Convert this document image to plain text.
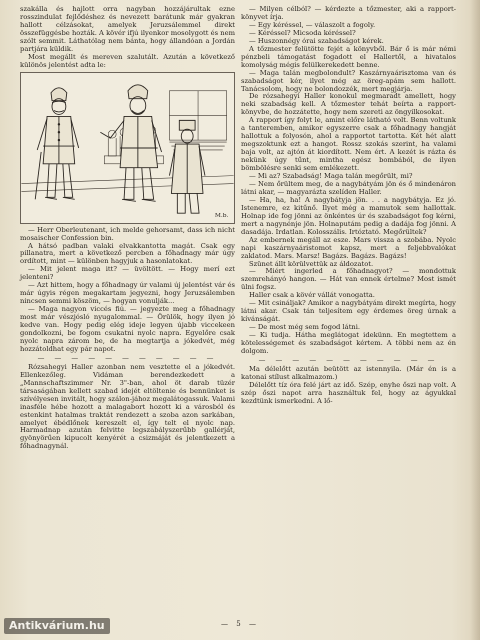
szakálla és hajlott orra nagyban hozzájárultak ezne rosszindulat fejlődéshez és nevezett barátunk már gyakran hallott célzásokat, amelyek Jeruzsálemmel direkt összefüggésbe hozták. A kövér ifjú ilyenkor mosolygott és nem szólt semmit. Láthatólag nem bánta, hogy állandóan a Jordán partjára küldik.

Most megállt és mereven szalutált. Azután a következő különös jelentést adta le:

M.b.

— Herr Oberleutenant, ich melde gehorsamt, dass ich nicht mosaischer Confession bin.

A hátsó padban valaki elvakkantotta magát. Csak egy pillanatra, mert a következő percben a főhadnagy már úgy ordított, mint — különben hagyjuk a hasonlatokat.

— Mit jelent maga itt? — üvöltött. — Hogy merí ezt jelenteni?

— Azt hittem, hogy a főhadnagy úr valami új jelentést vár és már úgyis régen megakartam jegyezni, hogy Jeruzsálemben nincsen semmi köszöm, — hogyan vonulják...

— Maga nagyon viccés fiú. — jegyezte meg a főhadnagy most már vészjósló nyugalommal. — Örülök, hogy ilyen jó kedve van. Hogy pedig elég ideje legyen újabb viccekeen gondolkozni, be fogom csukatni nyolc napra. Egyelőre csak nyolc napra zárom be, de ha megtartja a jókedvét, még hozzátoldhat egy pár napot.

— — — — — — — — — — —

Rózsahegyi Haller azonban nem vesztette el a jókedvét. Ellenkezőleg. Vidáman berendezkedett a „Mannschaftszimmer Nr. 3"-ban, ahol öt darab tüzér társaságában kellett szabad idejét eltöltenie és bennünket is szívélyesen invitált, hogy szálon-jához megalátogassuk. Valami inasféle hébe hozott a malagabort hozott ki a városból és estenkint hatalmas traktát rendezett a szoba azon sarkában, amelyet ébédlőnek kereszelt el, így telt el nyolc nap. Harmadnap azután felvitte legszabályszerűbb gallérját, gyönyörűen kipucolt kenyérét a csizmáját és jelentkezett a főhadnagynál.

— Milyen célból? — kérdezte a tőzmester, aki a rapport-könyvet írja.

— Egy kéréssel, — válaszolt a fogoly.

— Kéréssel? Micsoda kéréssel?

— Huszonnégy órai szabadságot kérek.

A tőzmester felütötte fejét a könyvből. Bár ő is már némi pénzbeli támogatást fogadott el Hallertől, a hivatalos komolyság mégis felülkerekedett benne.

— Maga talán megbolondult? Kaszárnyaárisztoma van és szabadságot kér, ilyet még az öreg-apám sem hallott. Tanácsolom, hogy ne bolondozzék, mert megjárja.

De rózsahegyi Haller konokul megmaradt amellett, hogy neki szabadság kell. A tőzmester tehát beírta a rapport-könyvbe, de hozzátette, hogy nem szereti az öngyilkosokat.

A rapport így folyt le, amint előre látható volt. Benn voltunk a tanteremben, amikor egyszerre csak a főhadnagy hangját hallottuk a folyosón, ahol a rapportot tartotta. Két hét alatt megszoktunk ezt a hangot. Rossz szokás szerint, ha valami baja volt, az ajtón át kiordított. Nem ért. A kezét is rázta és nekünk úgy tűnt, mintha egész bombából, de ilyen bömbölésre senki sem emlékezett.

— Mi az? Szabadság! Maga talán megőrült, mi?

— Nem őrültem meg, de a nagybátyám jön és ő mindenáron látni akar, — magyarázta szelíden Haller.

— Ha, ha, ha! A nagybátyja jön. . . a nagybátyja. Ez jó. Istenemre, ez kitűnő. Ilyet még a mamutok sem hallottak. Holnap ide fog jönni az önkéntes úr és szabadságot fog kérni, mert a nagynénje jön. Holnaputám pedig a dadája fog jönni. A dasadája. Irdatlan. Kolosszális. Irtóztató. Megőrültek?

Az embernek megáll az esze. Mars vissza a szobába. Nyolc napi kaszárnyaáristomot kapsz, mert a feljebbvalókat zaklatod. Mars. Marsz! Bagázs. Bagázs. Bagázs!

Szünet állt körülvettük az áldozatot.

— Miért ingerled a főhadnagyot? — mondottuk szemrehányó hangon. — Hát van ennek értelme? Most ismét ülni fogsz.

Haller csak a kövér vállát vonogatta.

— Mit csináljak? Amikor a nagybátyám direkt megírta, hogy látni akar. Csak tán teljesítem egy érdemes öreg úrnak a kívánságát.

— De most még sem fogod látni.

— Ki tudja. Hátha meglátogat idekünn. En megtettem a kötelességemet és szabadságot kértem. A többi nem az én dolgom.

— — — — — — — — — — —

Ma délelőtt azután beütött az istennyila. (Már én is a katonai stílust alkalmazom.)

Délelőtt tíz óra felé járt az idő. Szép, enyhe őszi nap volt. A szép őszi napot arra használtuk fel, hogy az ágyukkal kezdtünk ismerkedni. A lő-

— 5 —
Antikvárium.hu
